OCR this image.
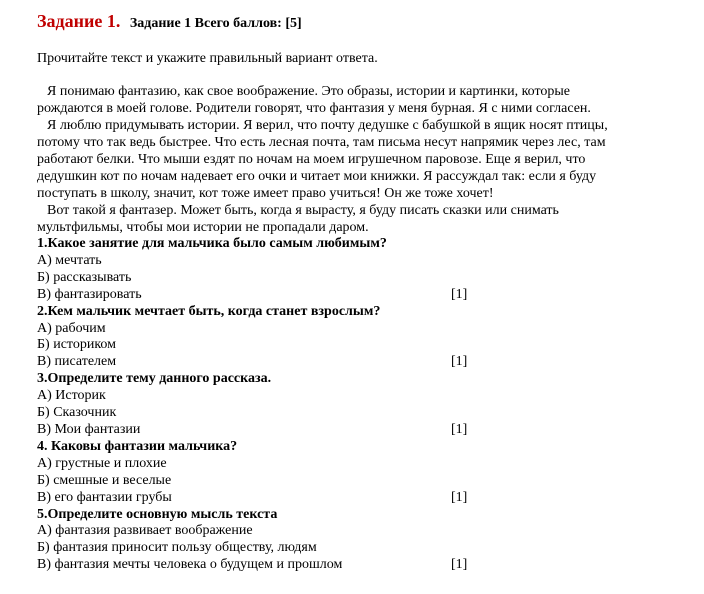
Задание 1. Задание 1 Всего баллов: [5]
Прочитайте текст и укажите правильный вариант ответа.

Я понимаю фантазию, как свое воображение. Это образы, истории и картинки, которые

рождаются в моей голове. Родители говорят, что фантазия у меня бурная. Я с ними согласен.

Я люблю придумывать истории. Я верил, что почту дедушке с бабушкой в ящик носят птицы,

потому что так ведь быстрее. Что есть лесная почта, там письма несут напрямик через лес, там
работают белки. Что мыши ездят по ночам на моем игрушечном паровозе. Еще я верил, что
дедушкин кот по ночам надевает его очки и читает мои книжки. Я рассуждал так: если я буду
поступать в школу, значит, кот тоже имеет право учиться! Он же тоже хочет!

Вот такой я фантазер. Может быть, когда я вырасту, я буду писать сказки или снимать

мультфильмы, чтобы мои истории не пропадали даром.
1.Какое занятие для мальчика было самым любимым?
А) мечтать
Б) рассказывать
В) фантазировать	[1]
2.Кем мальчик мечтает быть, когда станет взрослым?
А) рабочим
Б) историком
В) писателем	[1]
3.Определите тему данного рассказа.
А) Историк
Б) Сказочник
В) Мои фантазии	[1]
4. Каковы фантазии мальчика?
А) грустные и плохие
Б) смешные и веселые
В) его фантазии грубы	[1]
5.Определите основную мысль текста
А) фантазия развивает воображение
Б) фантазия приносит пользу обществу, людям
В) фантазия мечты человека о будущем и прошлом	[1]
